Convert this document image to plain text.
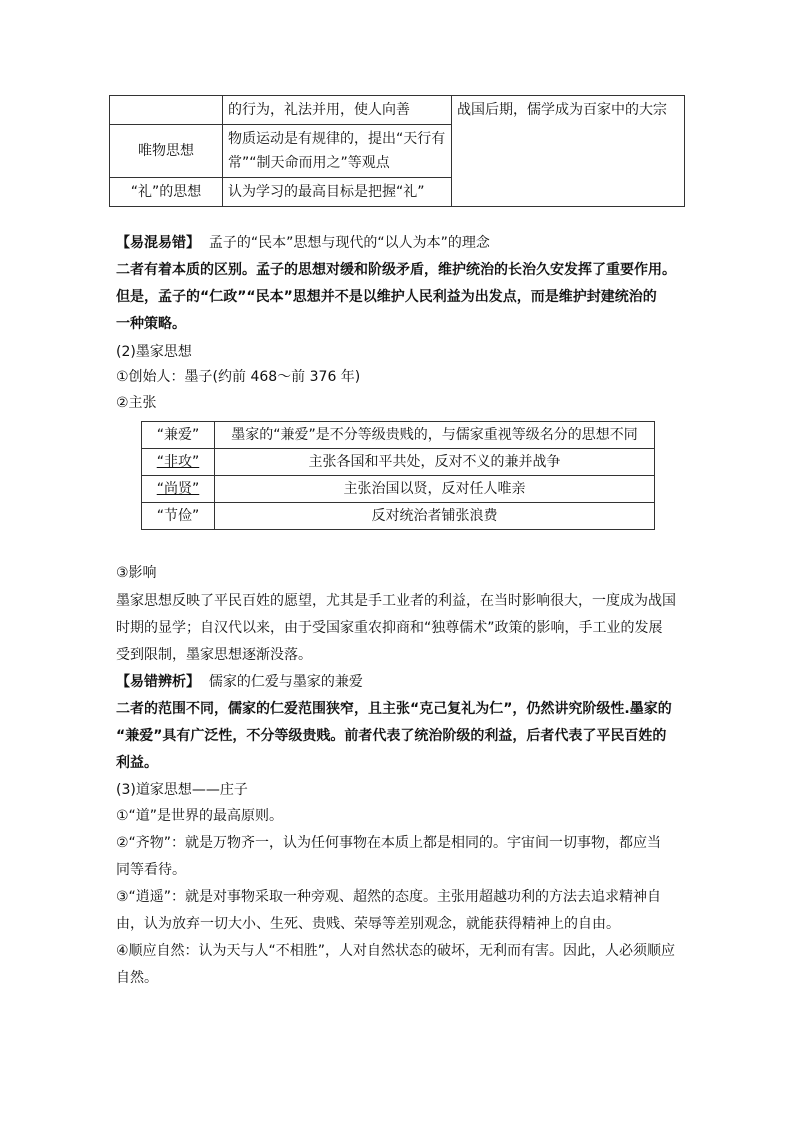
	的行为，礼法并用，使人向善	战国后期，儒学成为百家中的大宗
唯物思想	物质运动是有规律的，提出“天行有常”“制天命而用之”等观点	
“礼”的思想	认为学习的最高目标是把握“礼”	
【易混易错】 孟子的“民本”思想与现代的“以人为本”的理念
二者有着本质的区别。孟子的思想对缓和阶级矛盾，维护统治的长治久安发挥了重要作用。
但是，孟子的“仁政”“民本”思想并不是以维护人民利益为出发点，而是维护封建统治的
一种策略。
(2)墨家思想
①创始人：墨子(约前 468～前 376 年)
②主张
“兼爱”	墨家的“兼爱”是不分等级贵贱的，与儒家重视等级名分的思想不同
“非攻”	主张各国和平共处，反对不义的兼并战争
“尚贤”	主张治国以贤，反对任人唯亲
“节俭”	反对统治者铺张浪费
③影响
墨家思想反映了平民百姓的愿望，尤其是手工业者的利益，在当时影响很大，一度成为战国
时期的显学；自汉代以来，由于受国家重农抑商和“独尊儒术”政策的影响，手工业的发展
受到限制，墨家思想逐渐没落。
【易错辨析】 儒家的仁爱与墨家的兼爱
二者的范围不同，儒家的仁爱范围狭窄，且主张“克己复礼为仁”，仍然讲究阶级性.墨家的
“兼爱”具有广泛性，不分等级贵贱。前者代表了统治阶级的利益，后者代表了平民百姓的
利益。
(3)道家思想——庄子
①“道”是世界的最高原则。
②“齐物”：就是万物齐一，认为任何事物在本质上都是相同的。宇宙间一切事物，都应当
同等看待。
③“逍遥”：就是对事物采取一种旁观、超然的态度。主张用超越功利的方法去追求精神自
由，认为放弃一切大小、生死、贵贱、荣辱等差别观念，就能获得精神上的自由。
④顺应自然：认为天与人“不相胜”，人对自然状态的破坏，无利而有害。因此，人必须顺应
自然。
